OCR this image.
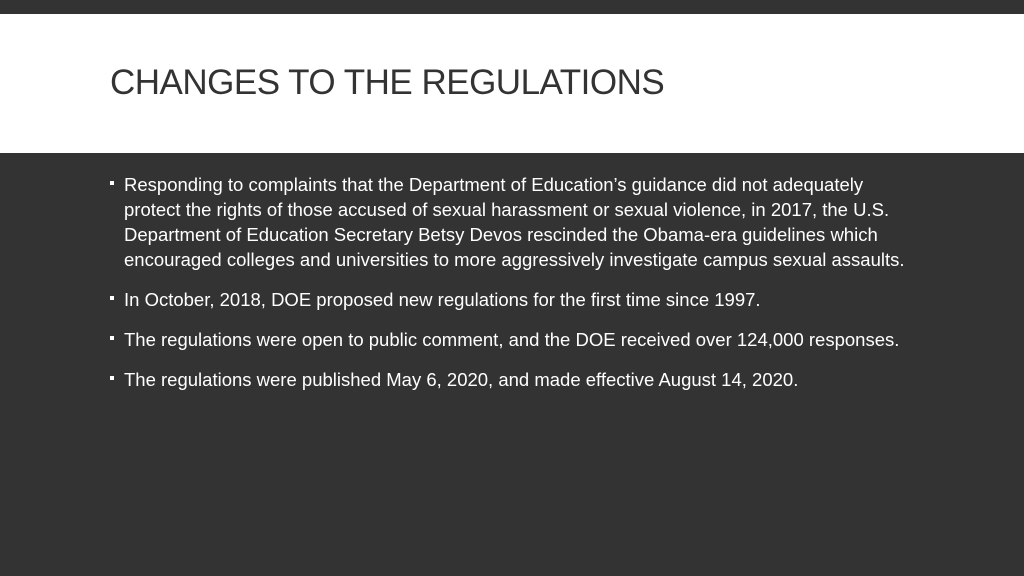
CHANGES TO THE REGULATIONS
Responding to complaints that the Department of Education’s guidance did not adequately protect the rights of those accused of sexual harassment or sexual violence, in 2017, the U.S. Department of Education Secretary Betsy Devos rescinded the Obama-era guidelines which encouraged colleges and universities to more aggressively investigate campus sexual assaults.
In October, 2018, DOE proposed new regulations for the first time since 1997.
The regulations were open to public comment, and the DOE received over 124,000 responses.
The regulations were published May 6, 2020, and made effective August 14, 2020.
